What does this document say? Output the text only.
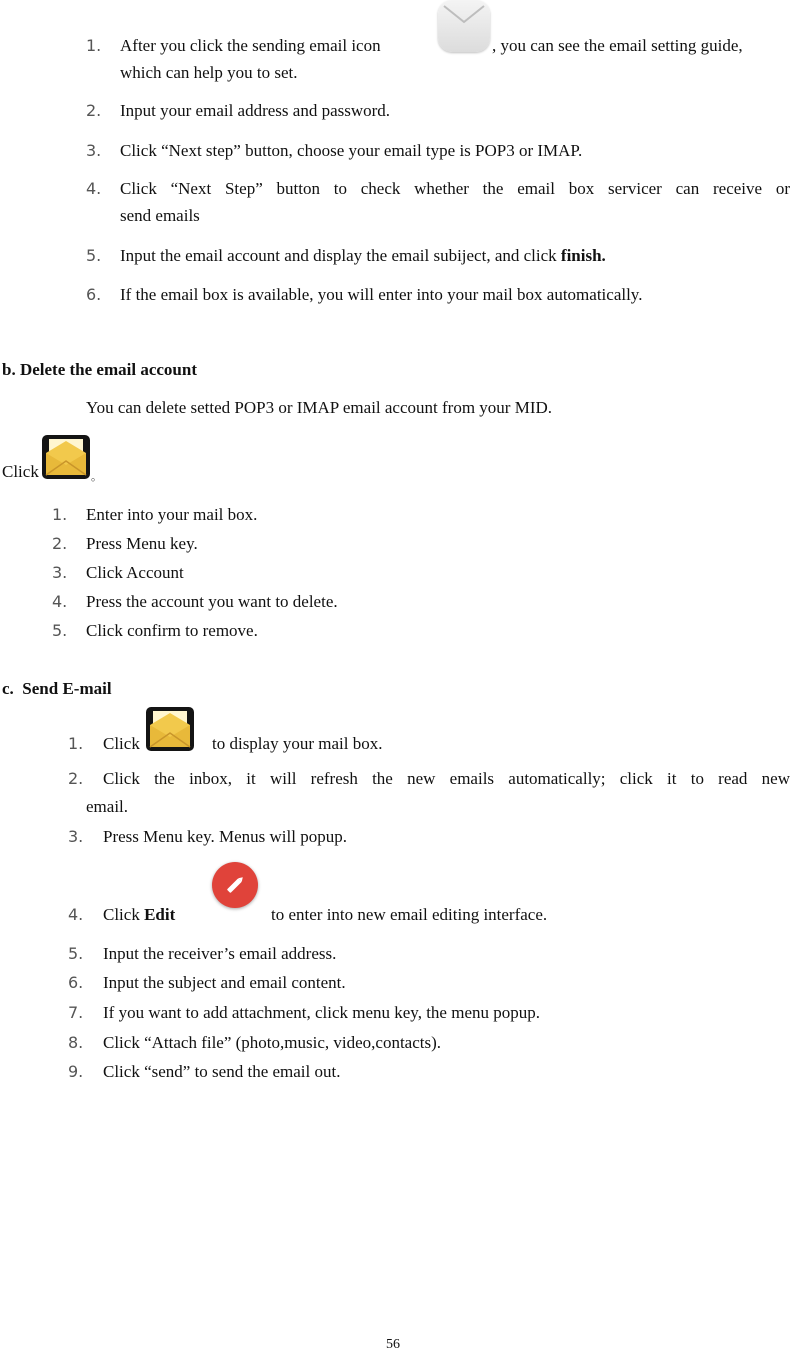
1. After you click the sending email icon	, you can see the email setting guide,
which can help you to set.
2. Input your email address and password.
3. Click “Next step” button, choose your email type is POP3 or IMAP.
4. Click “Next Step” button to check whether the email box servicer can receive or
send emails
5. Input the email account and display the email subiject, and click finish.
6. If the email box is available, you will enter into your mail box automatically.
b. Delete the email account
You can delete setted POP3 or IMAP email account from your MID.
Click	。
1. Enter into your mail box.
2. Press Menu key.
3. Click Account
4. Press the account you want to delete.
5. Click confirm to remove.
c.  Send E-mail
1. Click	to display your mail box.
2. Click the inbox, it will refresh the new emails automatically; click it to read new
email.
3. Press Menu key. Menus will popup.
4. Click Edit	to enter into new email editing interface.
5. Input the receiver’s email address.
6. Input the subject and email content.
7. If you want to add attachment, click menu key, the menu popup.
8. Click “Attach file” (photo,music, video,contacts).
9. Click “send” to send the email out.
56
